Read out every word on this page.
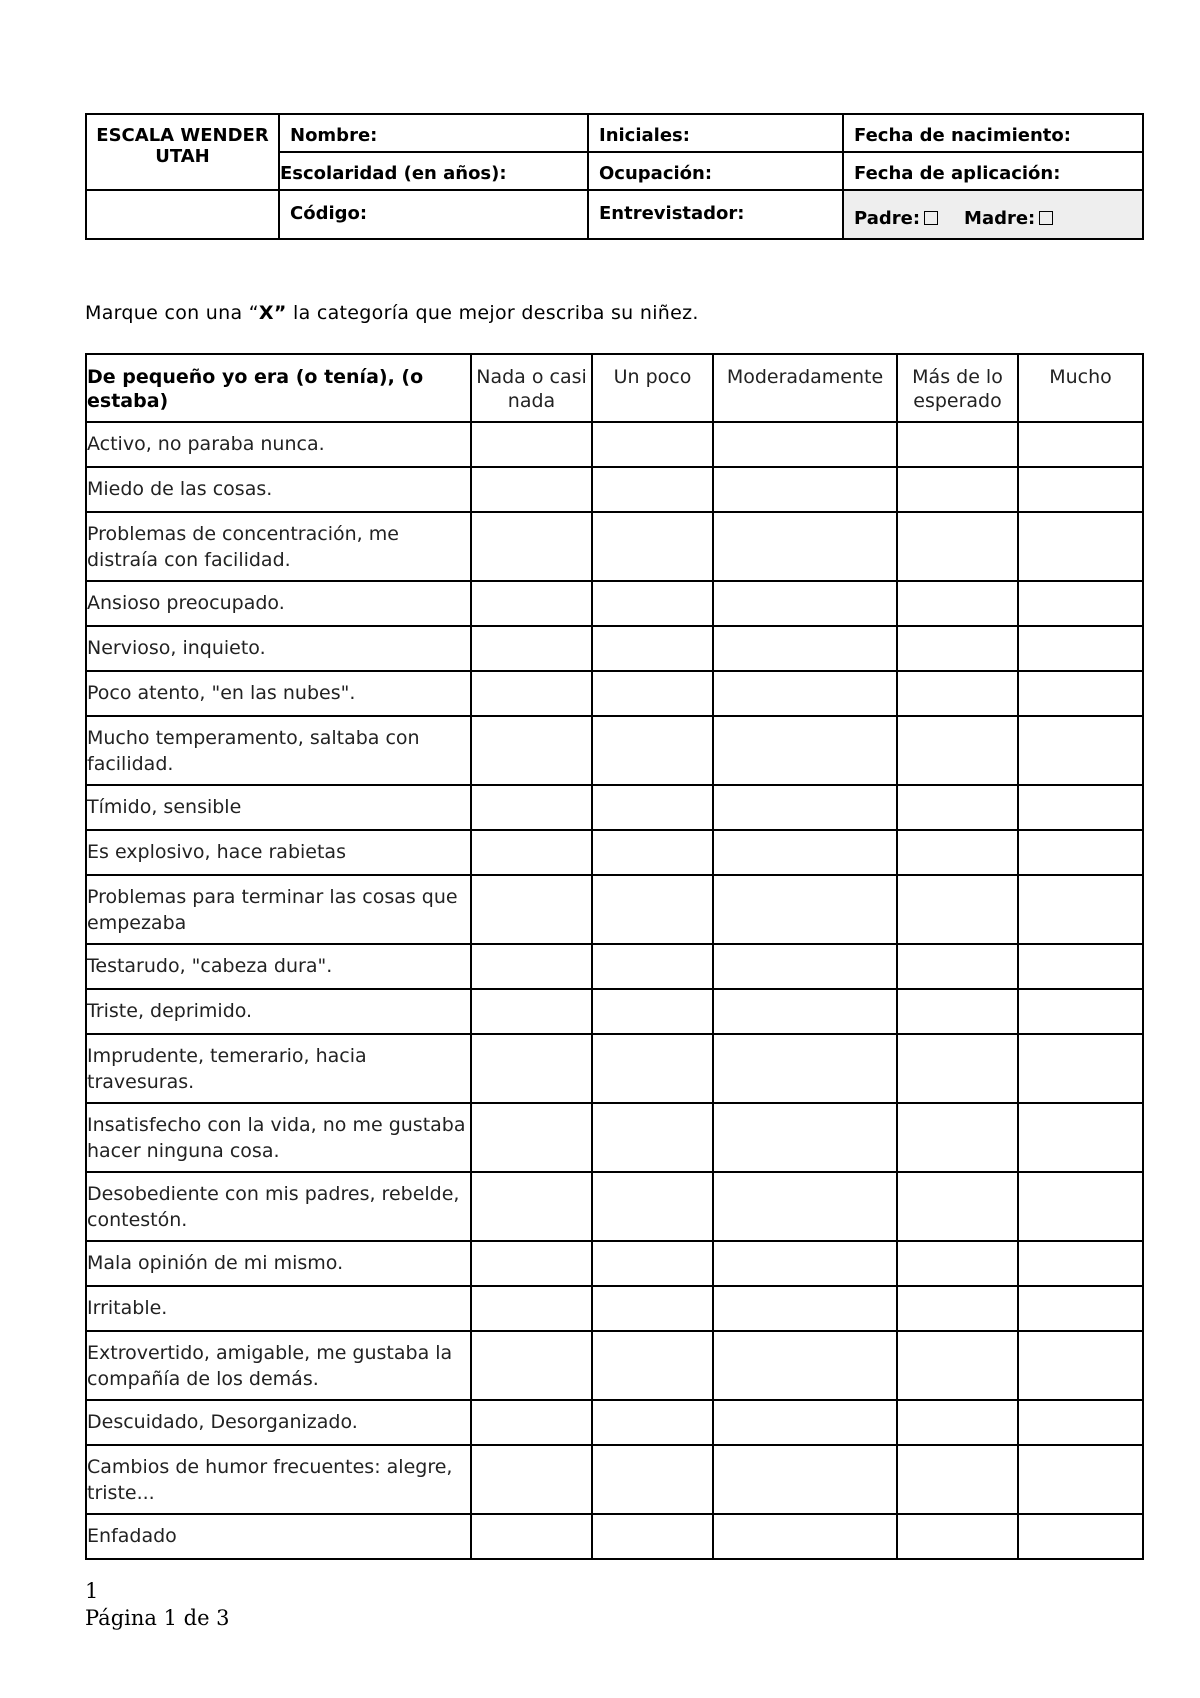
ESCALA WENDER UTAH	Nombre:	Iniciales:	Fecha de nacimiento:
	Escolaridad (en años):	Ocupación:	Fecha de aplicación:
	Código:	Entrevistador:	Padre: Madre:
Marque con una “X” la categoría que mejor describa su niñez.
De pequeño yo era (o tenía), (o estaba)	Nada o casi nada	Un poco	Moderadamente	Más de lo esperado	Mucho
Activo, no paraba nunca.					
Miedo de las cosas.					
Problemas de concentración, me distraía con facilidad.					
Ansioso preocupado.					
Nervioso, inquieto.					
Poco atento, "en las nubes".					
Mucho temperamento, saltaba con facilidad.					
Tímido, sensible					
Es explosivo, hace rabietas					
Problemas para terminar las cosas que empezaba					
Testarudo, "cabeza dura".					
Triste, deprimido.					
Imprudente, temerario, hacia travesuras.					
Insatisfecho con la vida, no me gustaba hacer ninguna cosa.					
Desobediente con mis padres, rebelde, contestón.					
Mala opinión de mi mismo.					
Irritable.					
Extrovertido, amigable, me gustaba la compañía de los demás.					
Descuidado, Desorganizado.					
Cambios de humor frecuentes: alegre, triste...					
Enfadado					
1
Página 1 de 3
